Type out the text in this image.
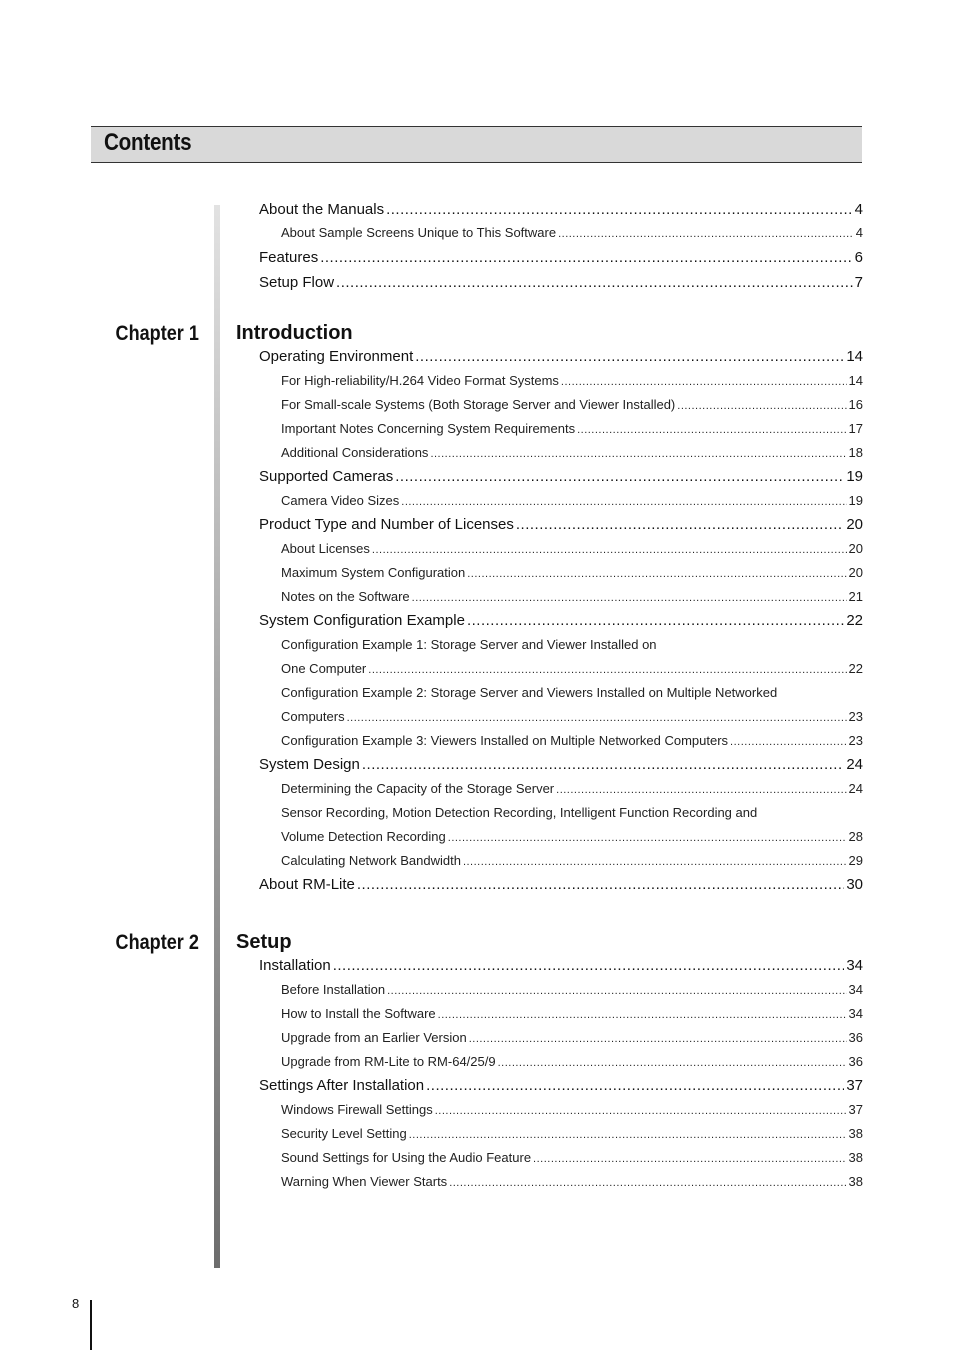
Contents
About the Manuals .....	4
About Sample Screens Unique to This Software .....	4
Features .....	6
Setup Flow .....	7
Chapter 1 Introduction
Operating Environment .....	14
For High-reliability/H.264 Video Format Systems .....	14
For Small-scale Systems (Both Storage Server and Viewer Installed) .....	16
Important Notes Concerning System Requirements .....	17
Additional Considerations .....	18
Supported Cameras .....	19
Camera Video Sizes .....	19
Product Type and Number of Licenses .....	20
About Licenses .....	20
Maximum System Configuration .....	20
Notes on the Software .....	21
System Configuration Example .....	22
Configuration Example 1: Storage Server and Viewer Installed on
One Computer .....	22
Configuration Example 2: Storage Server and Viewers Installed on Multiple Networked
Computers .....	23
Configuration Example 3: Viewers Installed on Multiple Networked Computers .....	23
System Design .....	24
Determining the Capacity of the Storage Server .....	24
Sensor Recording, Motion Detection Recording, Intelligent Function Recording and
Volume Detection Recording .....	28
Calculating Network Bandwidth .....	29
About RM-Lite .....	30
Chapter 2 Setup
Installation .....	34
Before Installation .....	34
How to Install the Software .....	34
Upgrade from an Earlier Version .....	36
Upgrade from RM-Lite to RM-64/25/9 .....	36
Settings After Installation .....	37
Windows Firewall Settings .....	37
Security Level Setting .....	38
Sound Settings for Using the Audio Feature .....	38
Warning When Viewer Starts .....	38
8
